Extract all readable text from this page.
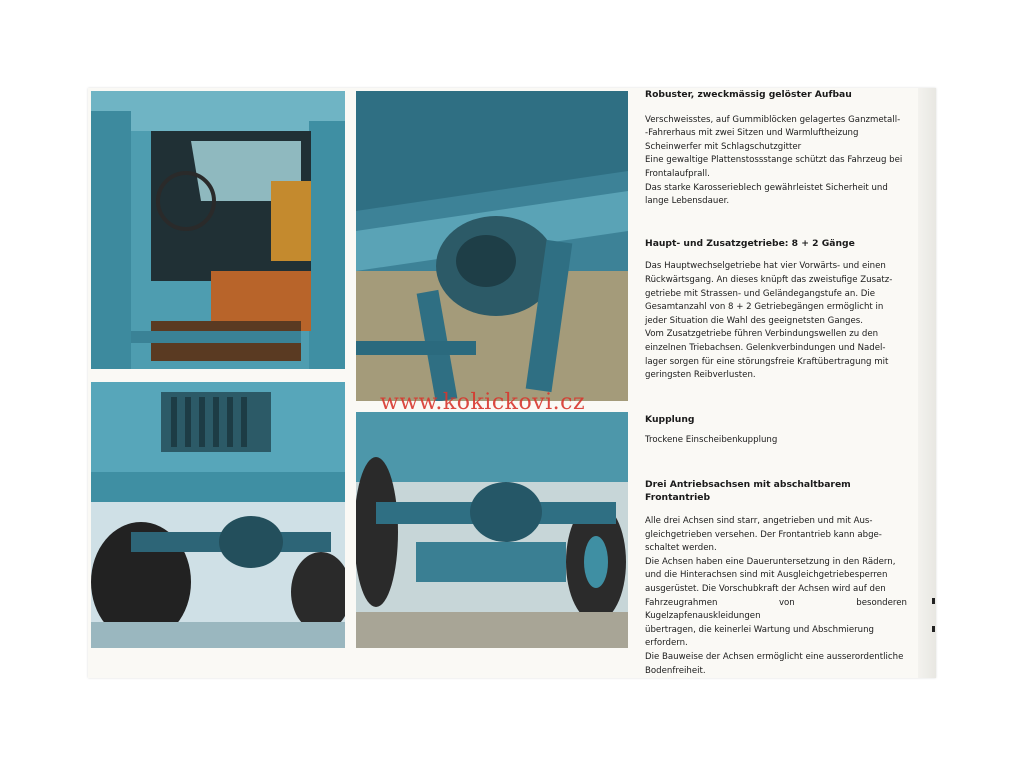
www.kokickovi.cz

Robuster, zweckmässig gelöster Aufbau

Verschweisstes, auf Gummiblöcken gelagertes Ganzmetall-

-Fahrerhaus mit zwei Sitzen und Warmluftheizung

Scheinwerfer mit Schlagschutzgitter

Eine gewaltige Plattenstossstange schützt das Fahrzeug bei

Frontalaufprall.

Das starke Karosserieblech gewährleistet Sicherheit und

lange Lebensdauer.

Haupt- und Zusatzgetriebe: 8 + 2 Gänge

Das Hauptwechselgetriebe hat vier Vorwärts- und einen

Rückwärtsgang. An dieses knüpft das zweistufige Zusatz-

getriebe mit Strassen- und Geländegangstufe an. Die

Gesamtanzahl von 8 + 2 Getriebegängen ermöglicht in

jeder Situation die Wahl des geeignetsten Ganges.

Vom Zusatzgetriebe führen Verbindungswellen zu den

einzelnen Triebachsen. Gelenkverbindungen und Nadel-

lager sorgen für eine störungsfreie Kraftübertragung mit

geringsten Reibverlusten.

Kupplung

Trockene Einscheibenkupplung

Drei Antriebsachsen mit abschaltbarem Frontantrieb

Alle drei Achsen sind starr, angetrieben und mit Aus-

gleichgetrieben versehen. Der Frontantrieb kann abge-

schaltet werden.

Die Achsen haben eine Daueruntersetzung in den Rädern,

und die Hinterachsen sind mit Ausgleichgetriebesperren

ausgerüstet. Die Vorschubkraft der Achsen wird auf den

Fahrzeugrahmen von besonderen Kugelzapfenauskleidungen

übertragen, die keinerlei Wartung und Abschmierung

erfordern.

Die Bauweise der Achsen ermöglicht eine ausserordentliche

Bodenfreiheit.
